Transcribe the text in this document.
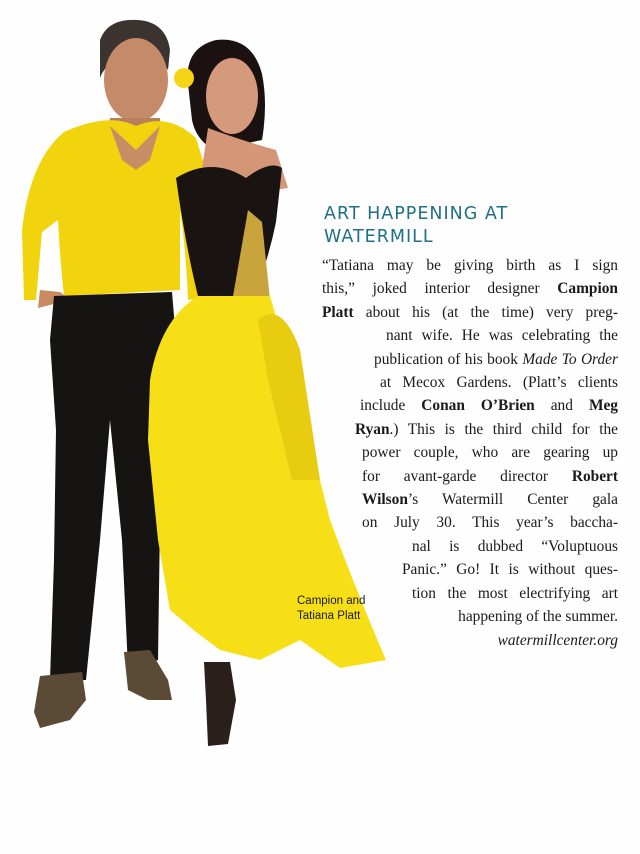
ART HAPPENING AT
WATERMILL
“Tatiana may be giving birth as I sign
this,” joked interior designer Campion
Platt about his (at the time) very preg-
nant wife. He was celebrating the
publication of his book Made To Order
at Mecox Gardens. (Platt’s clients
include Conan O’Brien and Meg
Ryan.) This is the third child for the
power couple, who are gearing up
for avant-garde director Robert
Wilson’s Watermill Center gala
on July 30. This year’s baccha-
nal is dubbed “Voluptuous
Panic.” Go! It is without ques-
tion the most electrifying art
happening of the summer.
watermillcenter.org
Campion and
Tatiana Platt
